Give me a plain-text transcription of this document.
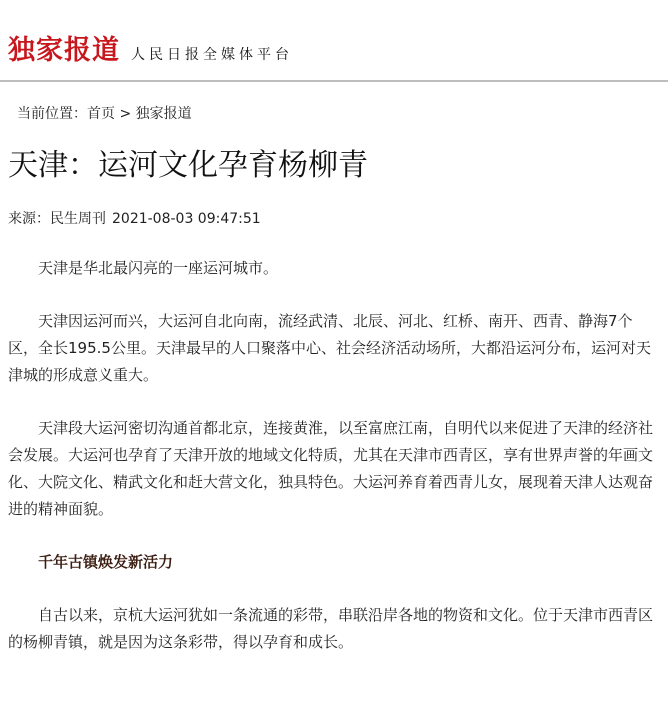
独家报道 人民日报全媒体平台
当前位置：首页 > 独家报道
天津：运河文化孕育杨柳青
来源：民生周刊 2021-08-03 09:47:51

天津是华北最闪亮的一座运河城市。

天津因运河而兴，大运河自北向南，流经武清、北辰、河北、红桥、南开、西青、静海7个区，全长195.5公里。天津最早的人口聚落中心、社会经济活动场所，大都沿运河分布，运河对天津城的形成意义重大。

天津段大运河密切沟通首都北京，连接黄淮，以至富庶江南，自明代以来促进了天津的经济社会发展。大运河也孕育了天津开放的地域文化特质，尤其在天津市西青区，享有世界声誉的年画文化、大院文化、精武文化和赶大营文化，独具特色。大运河养育着西青儿女，展现着天津人达观奋进的精神面貌。

千年古镇焕发新活力

自古以来，京杭大运河犹如一条流通的彩带，串联沿岸各地的物资和文化。位于天津市西青区的杨柳青镇，就是因为这条彩带，得以孕育和成长。
